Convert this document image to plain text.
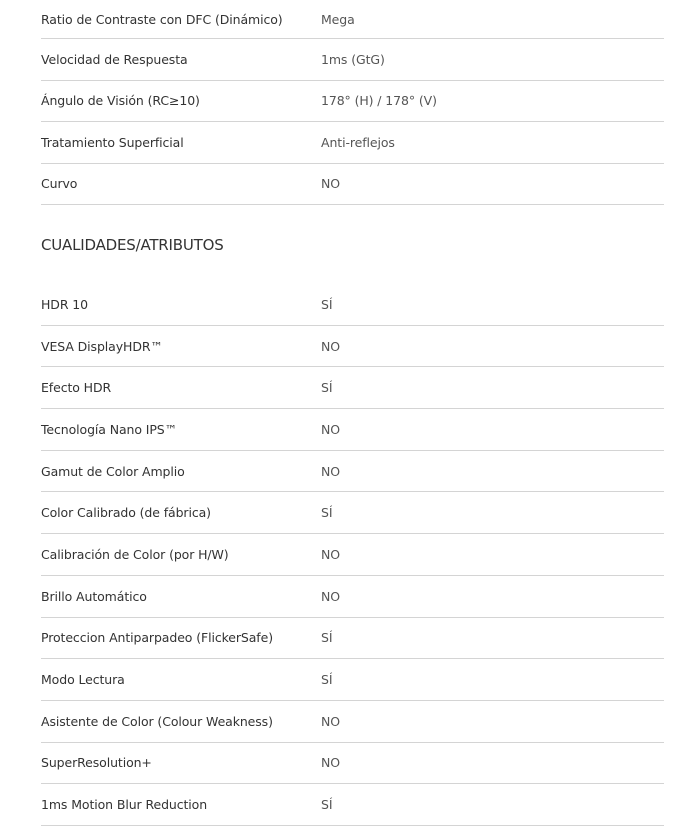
Ratio de Contraste con DFC (Dinámico)	Mega
Velocidad de Respuesta	1ms (GtG)
Ángulo de Visión (RC≥10)	178° (H) / 178° (V)
Tratamiento Superficial	Anti-reflejos
Curvo	NO
CUALIDADES/ATRIBUTOS
HDR 10	SÍ
VESA DisplayHDR™	NO
Efecto HDR	SÍ
Tecnología Nano IPS™	NO
Gamut de Color Amplio	NO
Color Calibrado (de fábrica)	SÍ
Calibración de Color (por H/W)	NO
Brillo Automático	NO
Proteccion Antiparpadeo (FlickerSafe)	SÍ
Modo Lectura	SÍ
Asistente de Color (Colour Weakness)	NO
SuperResolution+	NO
1ms Motion Blur Reduction	SÍ
